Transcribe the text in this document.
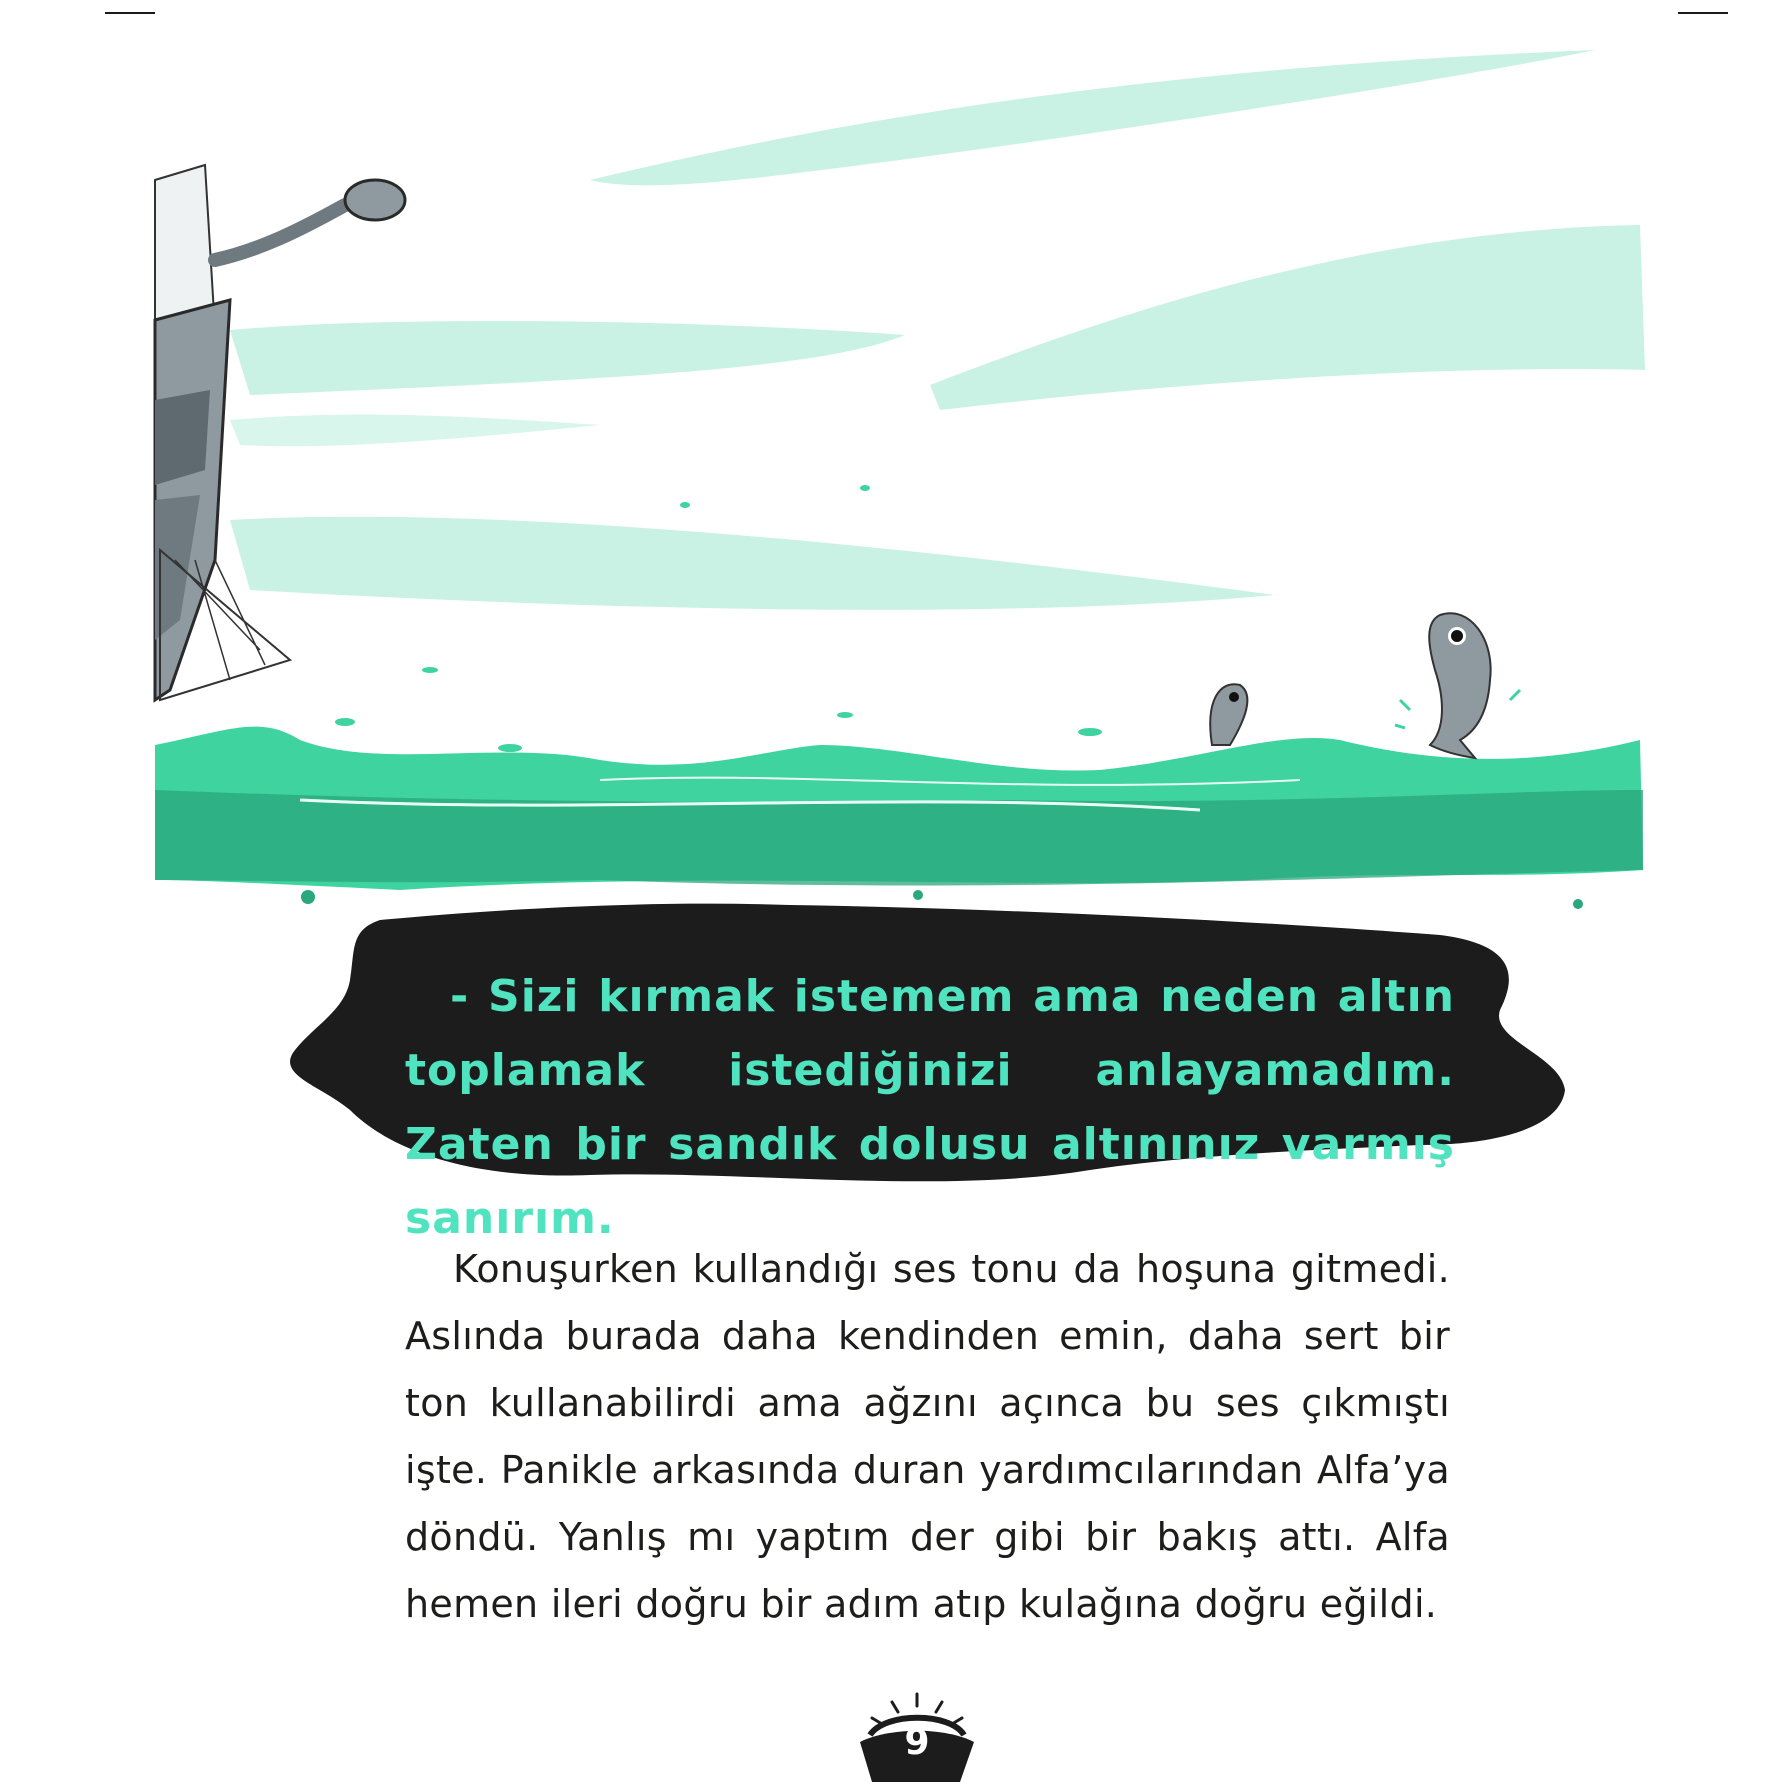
- Sizi kırmak istemem ama neden altın toplamak istediğinizi anlayamadım. Zaten bir sandık dolusu altınınız varmış sanırım.
Konuşurken kullandığı ses tonu da hoşuna gitmedi. Aslında burada daha kendinden emin, daha sert bir ton kullanabilirdi ama ağzını açınca bu ses çıkmıştı işte. Panikle arkasında duran yardımcılarından Alfa’ya döndü. Yanlış mı yaptım der gibi bir bakış attı. Alfa hemen ileri doğru bir adım atıp kulağına doğru eğildi.
9
